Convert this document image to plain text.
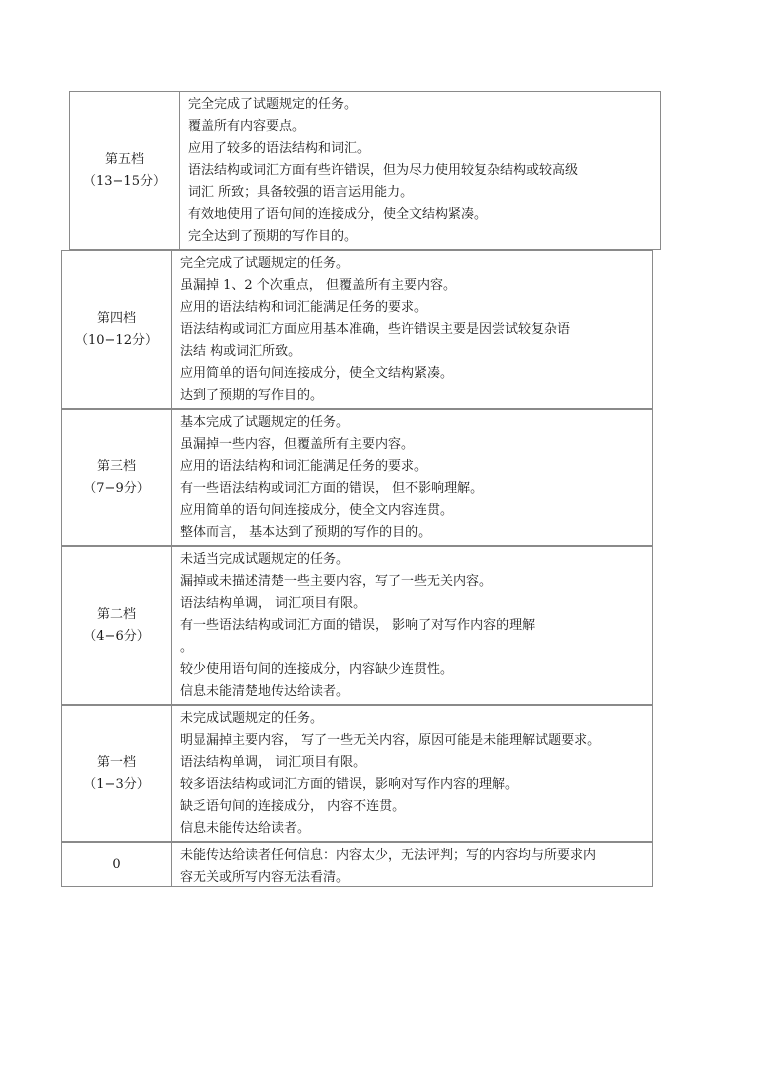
第五档
（13−15分）
完全完成了试题规定的任务。
覆盖所有内容要点。
应用了较多的语法结构和词汇。
语法结构或词汇方面有些许错误，但为尽力使用较复杂结构或较高级
词汇 所致；具备较强的语言运用能力。
有效地使用了语句间的连接成分，使全文结构紧凑。
完全达到了预期的写作目的。
第四档
（10−12分）
完全完成了试题规定的任务。
虽漏掉 1、2 个次重点， 但覆盖所有主要内容。
应用的语法结构和词汇能满足任务的要求。
语法结构或词汇方面应用基本准确，些许错误主要是因尝试较复杂语
法结 构或词汇所致。
应用简单的语句间连接成分，使全文结构紧凑。
达到了预期的写作目的。
第三档
（7−9分）
基本完成了试题规定的任务。
虽漏掉一些内容，但覆盖所有主要内容。
应用的语法结构和词汇能满足任务的要求。
有一些语法结构或词汇方面的错误， 但不影响理解。
应用简单的语句间连接成分，使全文内容连贯。
整体而言， 基本达到了预期的写作的目的。
第二档
（4−6分）
未适当完成试题规定的任务。
漏掉或未描述清楚一些主要内容，写了一些无关内容。
语法结构单调， 词汇项目有限。
有一些语法结构或词汇方面的错误， 影响了对写作内容的理解
。
较少使用语句间的连接成分，内容缺少连贯性。
信息未能清楚地传达给读者。
第一档
（1−3分）
未完成试题规定的任务。
明显漏掉主要内容， 写了一些无关内容，原因可能是未能理解试题要求。
语法结构单调， 词汇项目有限。
较多语法结构或词汇方面的错误，影响对写作内容的理解。
缺乏语句间的连接成分， 内容不连贯。
信息未能传达给读者。
0
未能传达给读者任何信息：内容太少，无法评判；写的内容均与所要求内
容无关或所写内容无法看清。
